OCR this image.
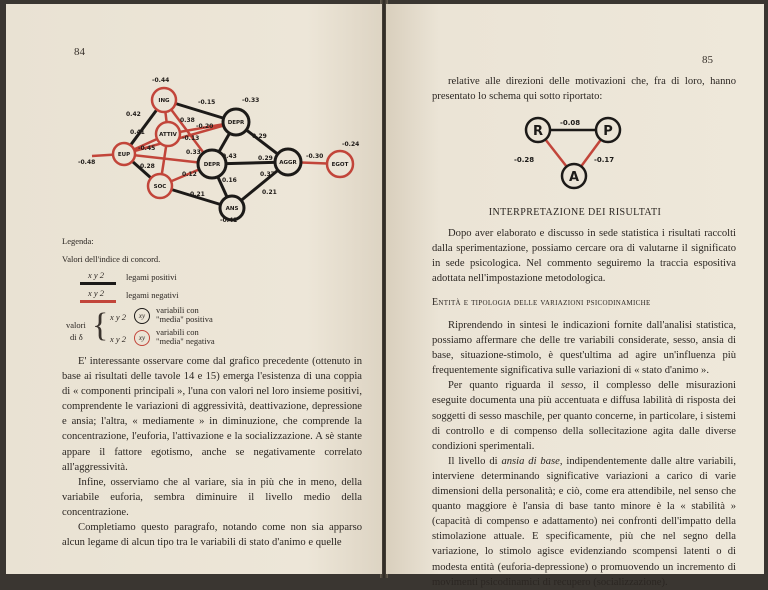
84
ING
ATTIV
DEPR
EUP
DEPR	AGGR	EGOT
SOC
ANS
-0.44
-0.15	-0.33
0.42
0.38
-0.20
0.41
-0.13	0.29
-0.48
-0.45
0.33
0.43
0.28
-0.30
-0.24
0.29
0.37
0.16
0.12
0.21	0.21
-0.41
Legenda:
Valori dell'indice di concord.
x y 2	legami positivi
x y 2	legami negativi
valori
di δ { x y 2	xy
variabili con "media" positiva
x y 2	xy
variabili con "media" negativa

E' interessante osservare come dal grafico precedente (ottenuto in base ai risultati delle tavole 14 e 15) emerga l'esistenza di una coppia di « componenti principali », l'una con valori nel loro insieme positivi, comprendente le variazioni di aggressività, deattivazione, depressione e ansia; l'altra, « mediamente » in diminuzione, che comprende la concentrazione, l'euforia, l'attivazione e la socializzazione. A sè stante appare il fattore egotismo, anche se negativamente correlato all'aggressività.

Infine, osserviamo che al variare, sia in più che in meno, della variabile euforia, sembra diminuire il livello medio della concentrazione.

Completiamo questo paragrafo, notando come non sia apparso alcun legame di alcun tipo tra le variabili di stato d'animo e quelle

85

relative alle direzioni delle motivazioni che, fra di loro, hanno presentato lo schema qui sotto riportato:

R	P
A
-0.08
-0.28	-0.17
INTERPRETAZIONE DEI RISULTATI

Dopo aver elaborato e discusso in sede statistica i risultati raccolti dalla sperimentazione, possiamo cercare ora di valutarne il significato in sede psicologica. Nel commento seguiremo la traccia espositiva adottata nell'impostazione metodologica.

Entità e tipologia delle variazioni psicodinamiche

Riprendendo in sintesi le indicazioni fornite dall'analisi statistica, possiamo affermare che delle tre variabili considerate, sesso, ansia di base, situazione-stimolo, è quest'ultima ad agire un'influenza più frequentemente significativa sulle variazioni di « stato d'animo ».

Per quanto riguarda il sesso, il complesso delle misurazioni eseguite documenta una più accentuata e diffusa labilità di risposta dei soggetti di sesso maschile, per quanto concerne, in particolare, i sistemi di controllo e di compenso della sollecitazione agita dalle diverse condizioni sperimentali.

Il livello di ansia di base, indipendentemente dalle altre variabili, interviene determinando significative variazioni a carico di varie dimensioni della personalità; e ciò, come era attendibile, nel senso che quanto maggiore è l'ansia di base tanto minore è la « stabilità » (capacità di compenso e adattamento) nei confronti dell'impatto della stimolazione attuale. E specificamente, più che nel segno della variazione, lo stimolo agisce evidenziando scompensi latenti o di modesta entità (euforia-depressione) o promuovendo un incremento di movimenti psicodinamici di recupero (socializzazione).
